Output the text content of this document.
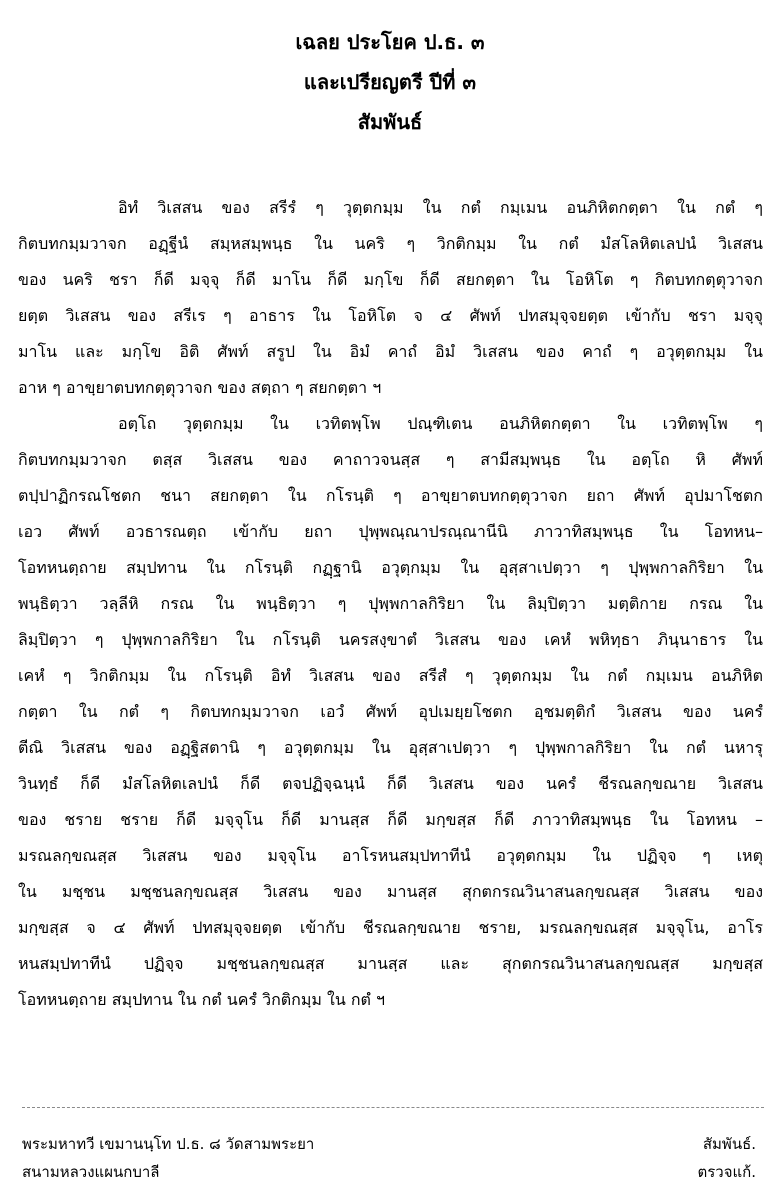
เฉลย ประโยค ป.ธ. ๓
และเปรียญตรี ปีที่ ๓
สัมพันธ์
อิทํ วิเสสน ของ สรีรํ ๆ วุตฺตกมฺม ใน กตํ กมฺเมน อนภิหิตกตฺตา ใน กตํ ๆ
กิตบทกมฺมวาจก อฏฺฐีนํ สมฺหสมฺพนฺธ ใน นคริ ๆ วิกติกมฺม ใน กตํ มํสโลหิตเลปนํ วิเสสน
ของ นคริ ชรา ก็ดี มจฺจุ ก็ดี มาโน ก็ดี มกฺโข ก็ดี สยกตฺตา ใน โอหิโต ๆ กิตบทกตฺตุวาจก
ยตฺต วิเสสน ของ สรีเร ๆ อาธาร ใน โอหิโต จ ๔ ศัพท์ ปทสมุจฺจยตฺต เข้ากับ ชรา มจฺจุ
มาโน และ มกฺโข อิติ ศัพท์ สรูป ใน อิมํ คาถํ อิมํ วิเสสน ของ คาถํ ๆ อวุตฺตกมฺม ใน
อาห ๆ อาขฺยาตบทกตฺตุวาจก ของ สตฺถา ๆ สยกตฺตา ฯ
อตฺโถ วุตฺตกมฺม ใน เวทิตพฺโพ ปณฺฑิเตน อนภิหิตกตฺตา ใน เวทิตพฺโพ ๆ
กิตบทกมฺมวาจก ตสฺส วิเสสน ของ คาถาวจนสฺส ๆ สามีสมฺพนฺธ ใน อตฺโถ หิ ศัพท์
ตปฺปาฏิกรณโชตก ชนา สยกตฺตา ใน กโรนฺติ ๆ อาขฺยาตบทกตฺตุวาจก ยถา ศัพท์ อุปมาโชตก
เอว ศัพท์ อวธารณตฺถ เข้ากับ ยถา ปุพฺพณฺณาปรณฺณานีนิ ภาวาทิสมฺพนฺธ ใน โอทหน–
โอทหนตฺถาย สมฺปทาน ใน กโรนฺติ กฏฺฐานิ อวุตฺกมฺม ใน อุสฺสาเปตฺวา ๆ ปุพฺพกาลกิริยา ใน
พนฺธิตฺวา วลฺลีหิ กรณ ใน พนฺธิตฺวา ๆ ปุพฺพกาลกิริยา ใน ลิมฺปิตฺวา มตฺติกาย กรณ ใน
ลิมฺปิตฺวา ๆ ปุพฺพกาลกิริยา ใน กโรนฺติ นครสงฺขาตํ วิเสสน ของ เคหํ พหิทฺธา ภินฺนาธาร ใน
เคหํ ๆ วิกติกมฺม ใน กโรนฺติ อิทํ วิเสสน ของ สรีสํ ๆ วุตฺตกมฺม ใน กตํ กมฺเมน อนภิหิต
กตฺตา ใน กตํ ๆ กิตบทกมฺมวาจก เอวํ ศัพท์ อุปเมยฺยโชตก อฺชมตฺติกํ วิเสสน ของ นครํ
ตีณิ วิเสสน ของ อฏฺฐิสตานิ ๆ อวุตฺตกมฺม ใน อุสฺสาเปตฺวา ๆ ปุพฺพกาลกิริยา ใน กตํ นหารุ
วินทฺธํ ก็ดี มํสโลหิตเลปนํ ก็ดี ตจปฏิจฺฉนฺนํ ก็ดี วิเสสน ของ นครํ ชีรณลกฺขณาย วิเสสน
ของ ชราย ชราย ก็ดี มจฺจุโน ก็ดี มานสฺส ก็ดี มกฺขสฺส ก็ดี ภาวาทิสมฺพนฺธ ใน โอทหน –
มรณลกฺขณสฺส วิเสสน ของ มจฺจุโน อาโรหนสมฺปทาทีนํ อวุตฺตกมฺม ใน ปฏิจฺจ ๆ เหตุ
ใน มชฺชน มชฺชนลกฺขณสฺส วิเสสน ของ มานสฺส สุกตกรณวินาสนลกฺขณสฺส วิเสสน ของ
มกฺขสฺส จ ๔ ศัพท์ ปทสมุจฺจยตฺต เข้ากับ ชีรณลกฺขณาย ชราย, มรณลกฺขณสฺส มจฺจุโน, อาโร
หนสมฺปทาทีนํ ปฏิจฺจ มชฺชนลกฺขณสฺส มานสฺส และ สุกตกรณวินาสนลกฺขณสฺส มกฺขสฺส
โอทหนตฺถาย สมฺปทาน ใน กตํ นครํ วิกติกมฺม ใน กตํ ฯ
พระมหาทวี เขมานนฺโท ป.ธ. ๘ วัดสามพระยา	สัมพันธ์.
สนามหลวงแผนกบาลี	ตรวจแก้.
